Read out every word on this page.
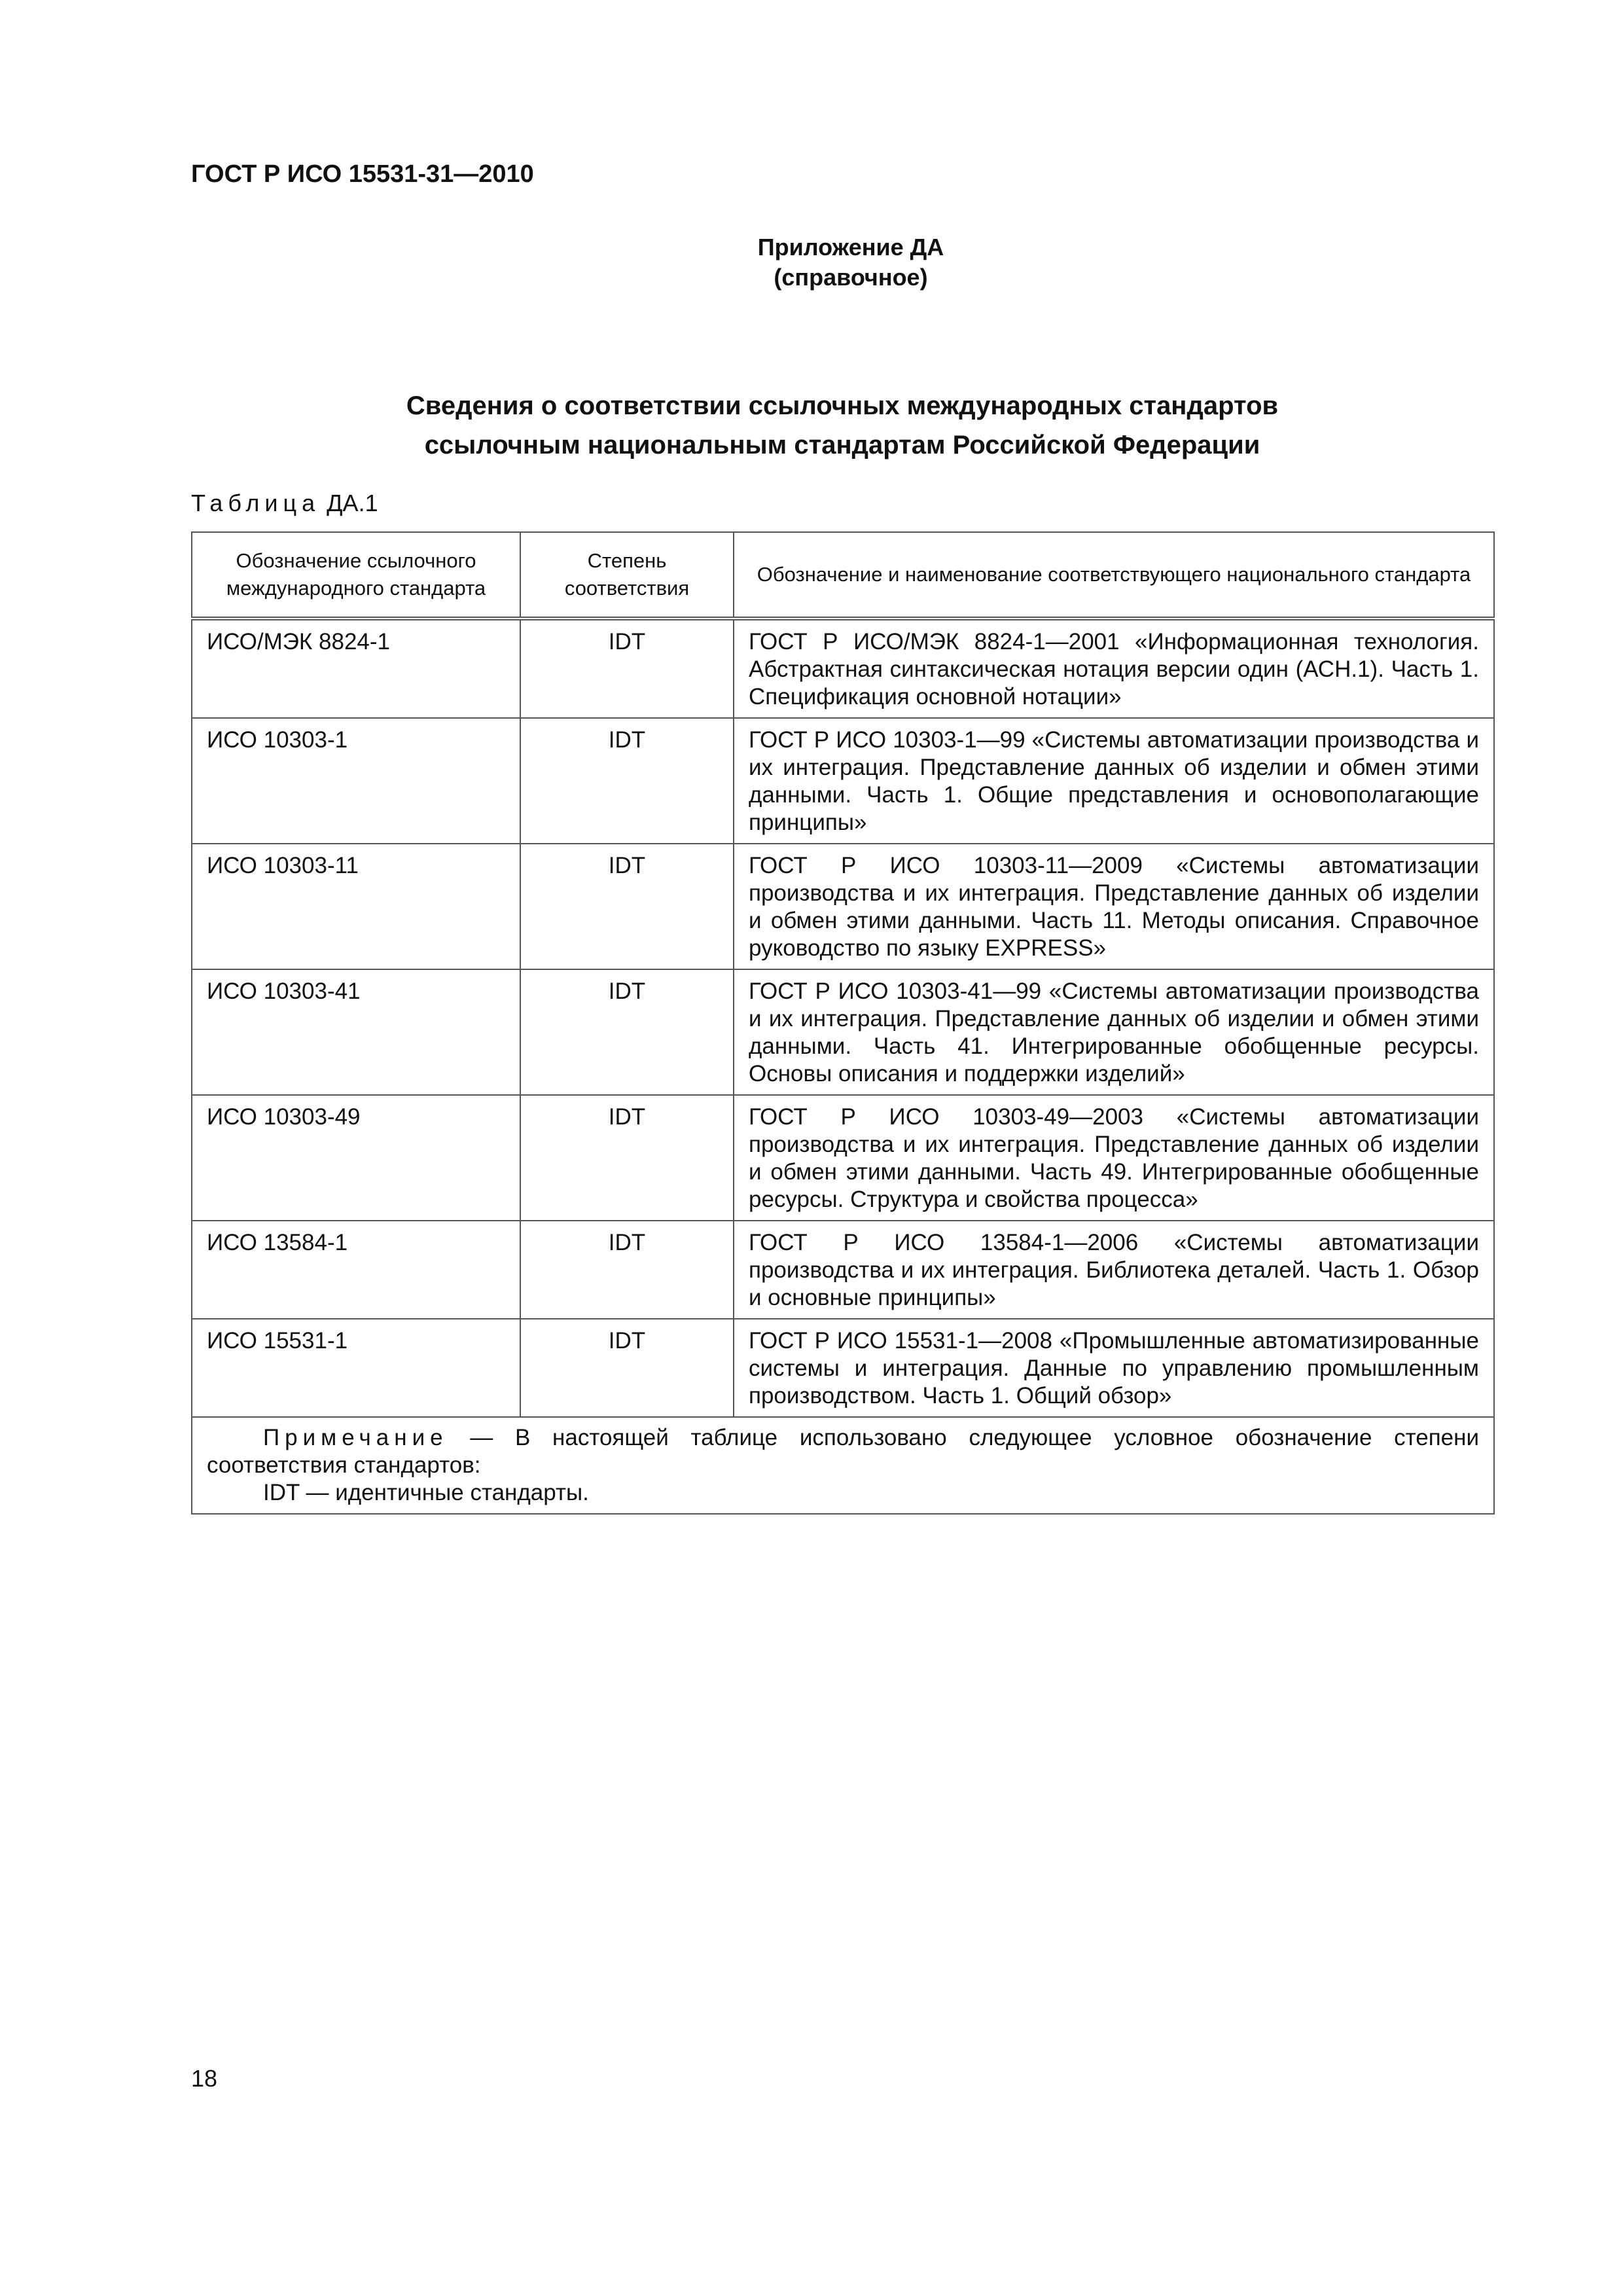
ГОСТ Р ИСО 15531-31—2010
Приложение ДА
(справочное)
Сведения о соответствии ссылочных международных стандартов
ссылочным национальным стандартам Российской Федерации

Таблица ДА.1

Обозначение ссылочного международного стандарта	Степень соответствия	Обозначение и наименование соответствующего национального стандарта
ИСО/МЭК 8824-1	IDT	ГОСТ Р ИСО/МЭК 8824-1—2001 «Информационная технология. Абстрактная синтаксическая нотация версии один (АСН.1). Часть 1. Спецификация основной нотации»
ИСО 10303-1	IDT	ГОСТ Р ИСО 10303-1—99 «Системы автоматизации производства и их интеграция. Представление данных об изделии и обмен этими данными. Часть 1. Общие представления и основополагающие принципы»
ИСО 10303-11	IDT	ГОСТ Р ИСО 10303-11—2009 «Системы автоматизации производства и их интеграция. Представление данных об изделии и обмен этими данными. Часть 11. Методы описания. Справочное руководство по языку EXPRESS»
ИСО 10303-41	IDT	ГОСТ Р ИСО 10303-41—99 «Системы автоматизации производства и их интеграция. Представление данных об изделии и обмен этими данными. Часть 41. Интегрированные обобщенные ресурсы. Основы описания и поддержки изделий»
ИСО 10303-49	IDT	ГОСТ Р ИСО 10303-49—2003 «Системы автоматизации производства и их интеграция. Представление данных об изделии и обмен этими данными. Часть 49. Интегрированные обобщенные ресурсы. Структура и свойства процесса»
ИСО 13584-1	IDT	ГОСТ Р ИСО 13584-1—2006 «Системы автоматизации производства и их интеграция. Библиотека деталей. Часть 1. Обзор и основные принципы»
ИСО 15531-1	IDT	ГОСТ Р ИСО 15531-1—2008 «Промышленные автоматизированные системы и интеграция. Данные по управлению промышленным производством. Часть 1. Общий обзор»

Примечание — В настоящей таблице использовано следующее условное обозначение степени соответствия стандартов:
IDT — идентичные стандарты.		

18
